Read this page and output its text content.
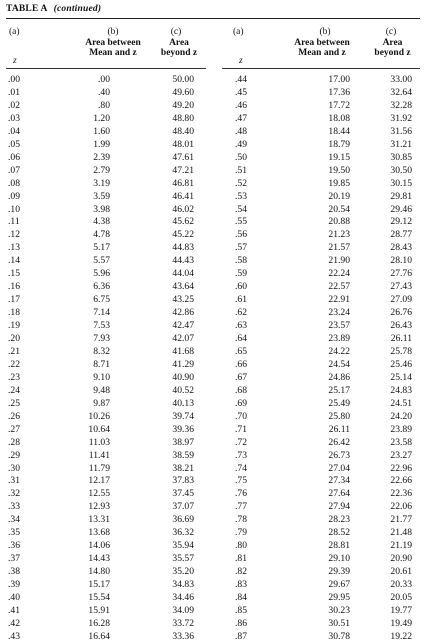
TABLE A (continued)
(a)	(b)	(c)
Area between
Mean and z
Area
beyond z
z
.00	.00	50.00
.01	.40	49.60
.02	.80	49.20
.03	1.20	48.80
.04	1.60	48.40
.05	1.99	48.01
.06	2.39	47.61
.07	2.79	47.21
.08	3.19	46.81
.09	3.59	46.41
.10	3.98	46.02
.11	4.38	45.62
.12	4.78	45.22
.13	5.17	44.83
.14	5.57	44.43
.15	5.96	44.04
.16	6.36	43.64
.17	6.75	43.25
.18	7.14	42.86
.19	7.53	42.47
.20	7.93	42.07
.21	8.32	41.68
.22	8.71	41.29
.23	9.10	40.90
.24	9.48	40.52
.25	9.87	40.13
.26	10.26	39.74
.27	10.64	39.36
.28	11.03	38.97
.29	11.41	38.59
.30	11.79	38.21
.31	12.17	37.83
.32	12.55	37.45
.33	12.93	37.07
.34	13.31	36.69
.35	13.68	36.32
.36	14.06	35.94
.37	14.43	35.57
.38	14.80	35.20
.39	15.17	34.83
.40	15.54	34.46
.41	15.91	34.09
.42	16.28	33.72
.43	16.64	33.36
(a)	(b)	(c)
Area between
Mean and z
Area
beyond z
z
.44	17.00	33.00
.45	17.36	32.64
.46	17.72	32.28
.47	18.08	31.92
.48	18.44	31.56
.49	18.79	31.21
.50	19.15	30.85
.51	19.50	30.50
.52	19.85	30.15
.53	20.19	29.81
.54	20.54	29.46
.55	20.88	29.12
.56	21.23	28.77
.57	21.57	28.43
.58	21.90	28.10
.59	22.24	27.76
.60	22.57	27.43
.61	22.91	27.09
.62	23.24	26.76
.63	23.57	26.43
.64	23.89	26.11
.65	24.22	25.78
.66	24.54	25.46
.67	24.86	25.14
.68	25.17	24.83
.69	25.49	24.51
.70	25.80	24.20
.71	26.11	23.89
.72	26.42	23.58
.73	26.73	23.27
.74	27.04	22.96
.75	27.34	22.66
.76	27.64	22.36
.77	27.94	22.06
.78	28.23	21.77
.79	28.52	21.48
.80	28.81	21.19
.81	29.10	20.90
.82	29.39	20.61
.83	29.67	20.33
.84	29.95	20.05
.85	30.23	19.77
.86	30.51	19.49
.87	30.78	19.22
